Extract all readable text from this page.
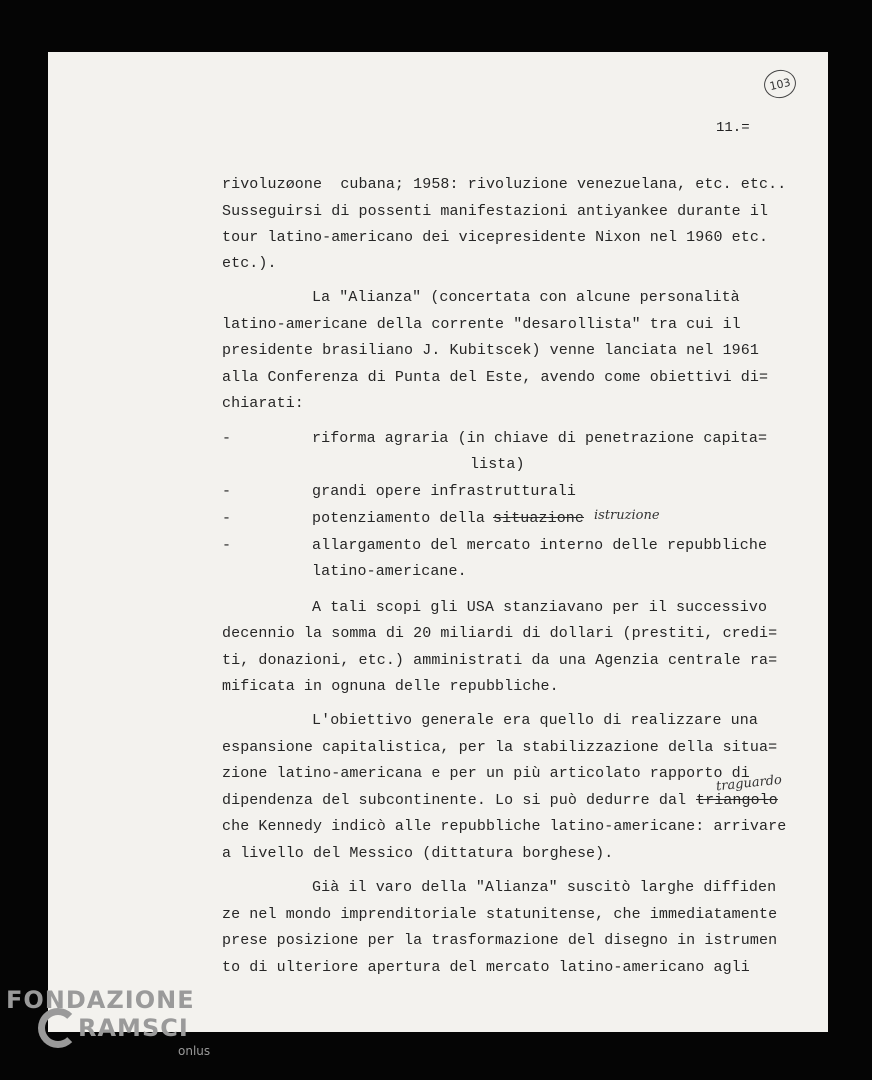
103
11.=
rivoluzøone  cubana; 1958: rivoluzione venezuelana, etc. etc..
Susseguirsi di possenti manifestazioni antiyankee durante il
tour latino-americano dei vicepresidente Nixon nel 1960 etc.
etc.).
La "Alianza" (concertata con alcune personalità
latino-americane della corrente "desarollista" tra cui il
presidente brasiliano J. Kubitscek) venne lanciata nel 1961
alla Conferenza di Punta del Este, avendo come obiettivi di=
chiarati:
-	riforma agraria (in chiave di penetrazione capita=
lista)
-	grandi opere infrastrutturali
-	potenziamento della
situazione istruzione
-	allargamento del mercato interno delle repubbliche
latino-americane.
A tali scopi gli USA stanziavano per il successivo
decennio la somma di 20 miliardi di dollari (prestiti, credi=
ti, donazioni, etc.) amministrati da una Agenzia centrale ra=
mificata in ognuna delle repubbliche.
L'obiettivo generale era quello di realizzare una
espansione capitalistica, per la stabilizzazione della situa=
zione latino-americana e per un più articolato rapporto di
dipendenza del subcontinente. Lo si può dedurre dal triangolo
traguardo
che Kennedy indicò alle repubbliche latino-americane: arrivare
a livello del Messico (dittatura borghese).
Già il varo della "Alianza" suscitò larghe diffiden
ze nel mondo imprenditoriale statunitense, che immediatamente
prese posizione per la trasformazione del disegno in istrumen
to di ulteriore apertura del mercato latino-americano agli
FONDAZIONE
RAMSCI
onlus
